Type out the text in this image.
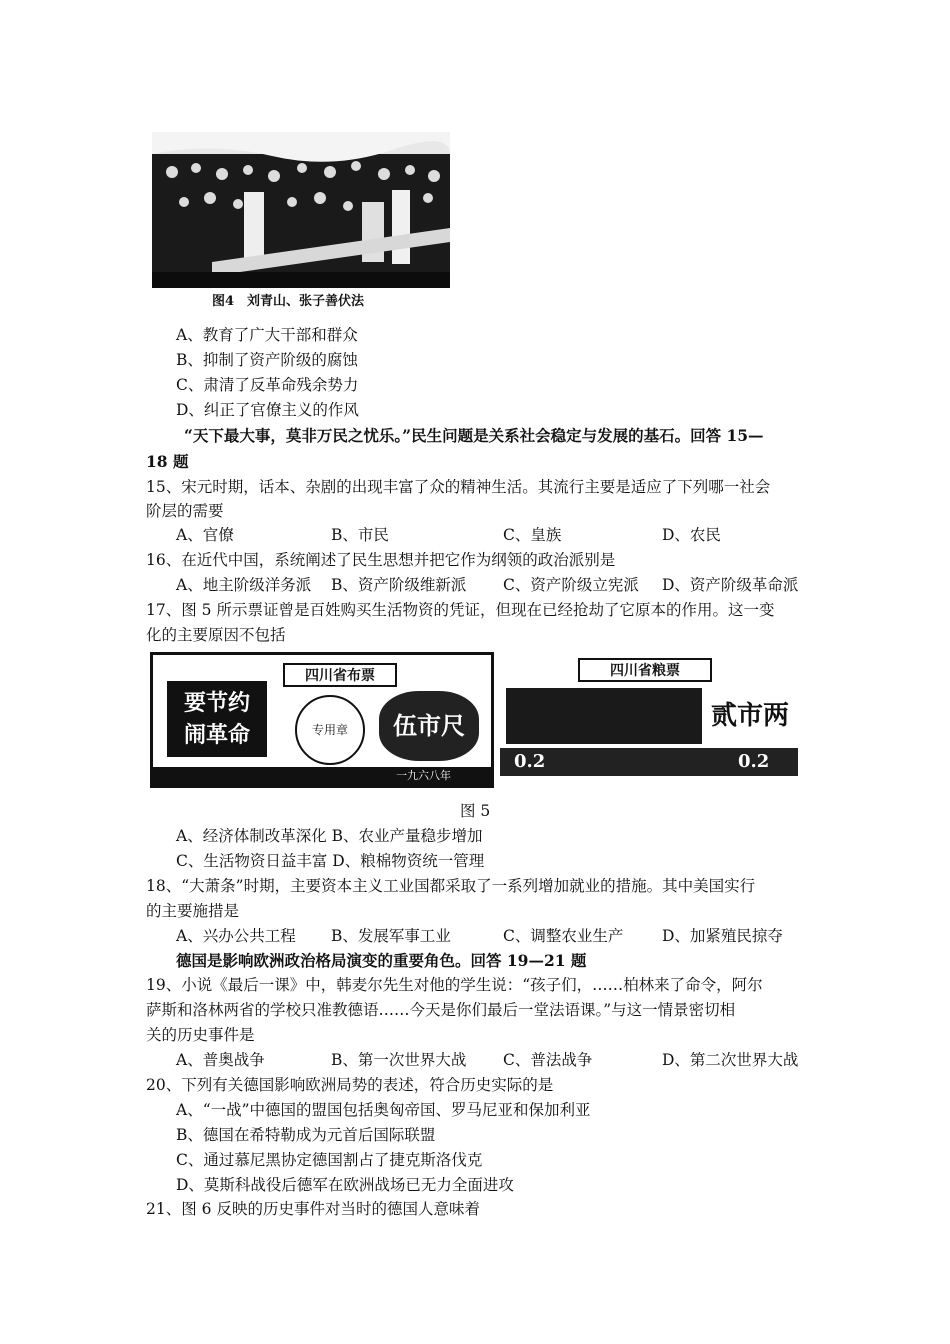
图4　刘青山、张子善伏法
A、教育了广大干部和群众
B、抑制了资产阶级的腐蚀
C、肃清了反革命残余势力
D、纠正了官僚主义的作风
“天下最大事，莫非万民之忧乐。”民生问题是关系社会稳定与发展的基石。回答 15—
18 题
15、宋元时期，话本、杂剧的出现丰富了众的精神生活。其流行主要是适应了下列哪一社会
阶层的需要
A、官僚	B、市民	C、皇族	D、农民
16、在近代中国，系统阐述了民生思想并把它作为纲领的政治派别是
A、地主阶级洋务派 B、资产阶级维新派 C、资产阶级立宪派 D、资产阶级革命派
17、图 5 所示票证曾是百姓购买生活物资的凭证，但现在已经抢劫了它原本的作用。这一变
化的主要原因不包括
要节约
闹革命
四川省布票
专用章	伍市尺
一九六八年
四川省粮票
贰市两
0.2	0.2
图 5
A、经济体制改革深化 B、农业产量稳步增加
C、生活物资日益丰富 D、粮棉物资统一管理
18、“大萧条”时期，主要资本主义工业国都采取了一系列增加就业的措施。其中美国实行
的主要施措是
A、兴办公共工程 B、发展军事工业	C、调整农业生产 D、加紧殖民掠夺
德国是影响欧洲政治格局演变的重要角色。回答 19—21 题
19、小说《最后一课》中，韩麦尔先生对他的学生说：“孩子们，……柏林来了命令，阿尔
萨斯和洛林两省的学校只准教德语……今天是你们最后一堂法语课。”与这一情景密切相
关的历史事件是
A、普奥战争	B、第一次世界大战 C、普法战争	D、第二次世界大战
20、下列有关德国影响欧洲局势的表述，符合历史实际的是
A、“一战”中德国的盟国包括奥匈帝国、罗马尼亚和保加利亚
B、德国在希特勒成为元首后国际联盟
C、通过慕尼黑协定德国割占了捷克斯洛伐克
D、莫斯科战役后德军在欧洲战场已无力全面进攻
21、图 6 反映的历史事件对当时的德国人意味着
